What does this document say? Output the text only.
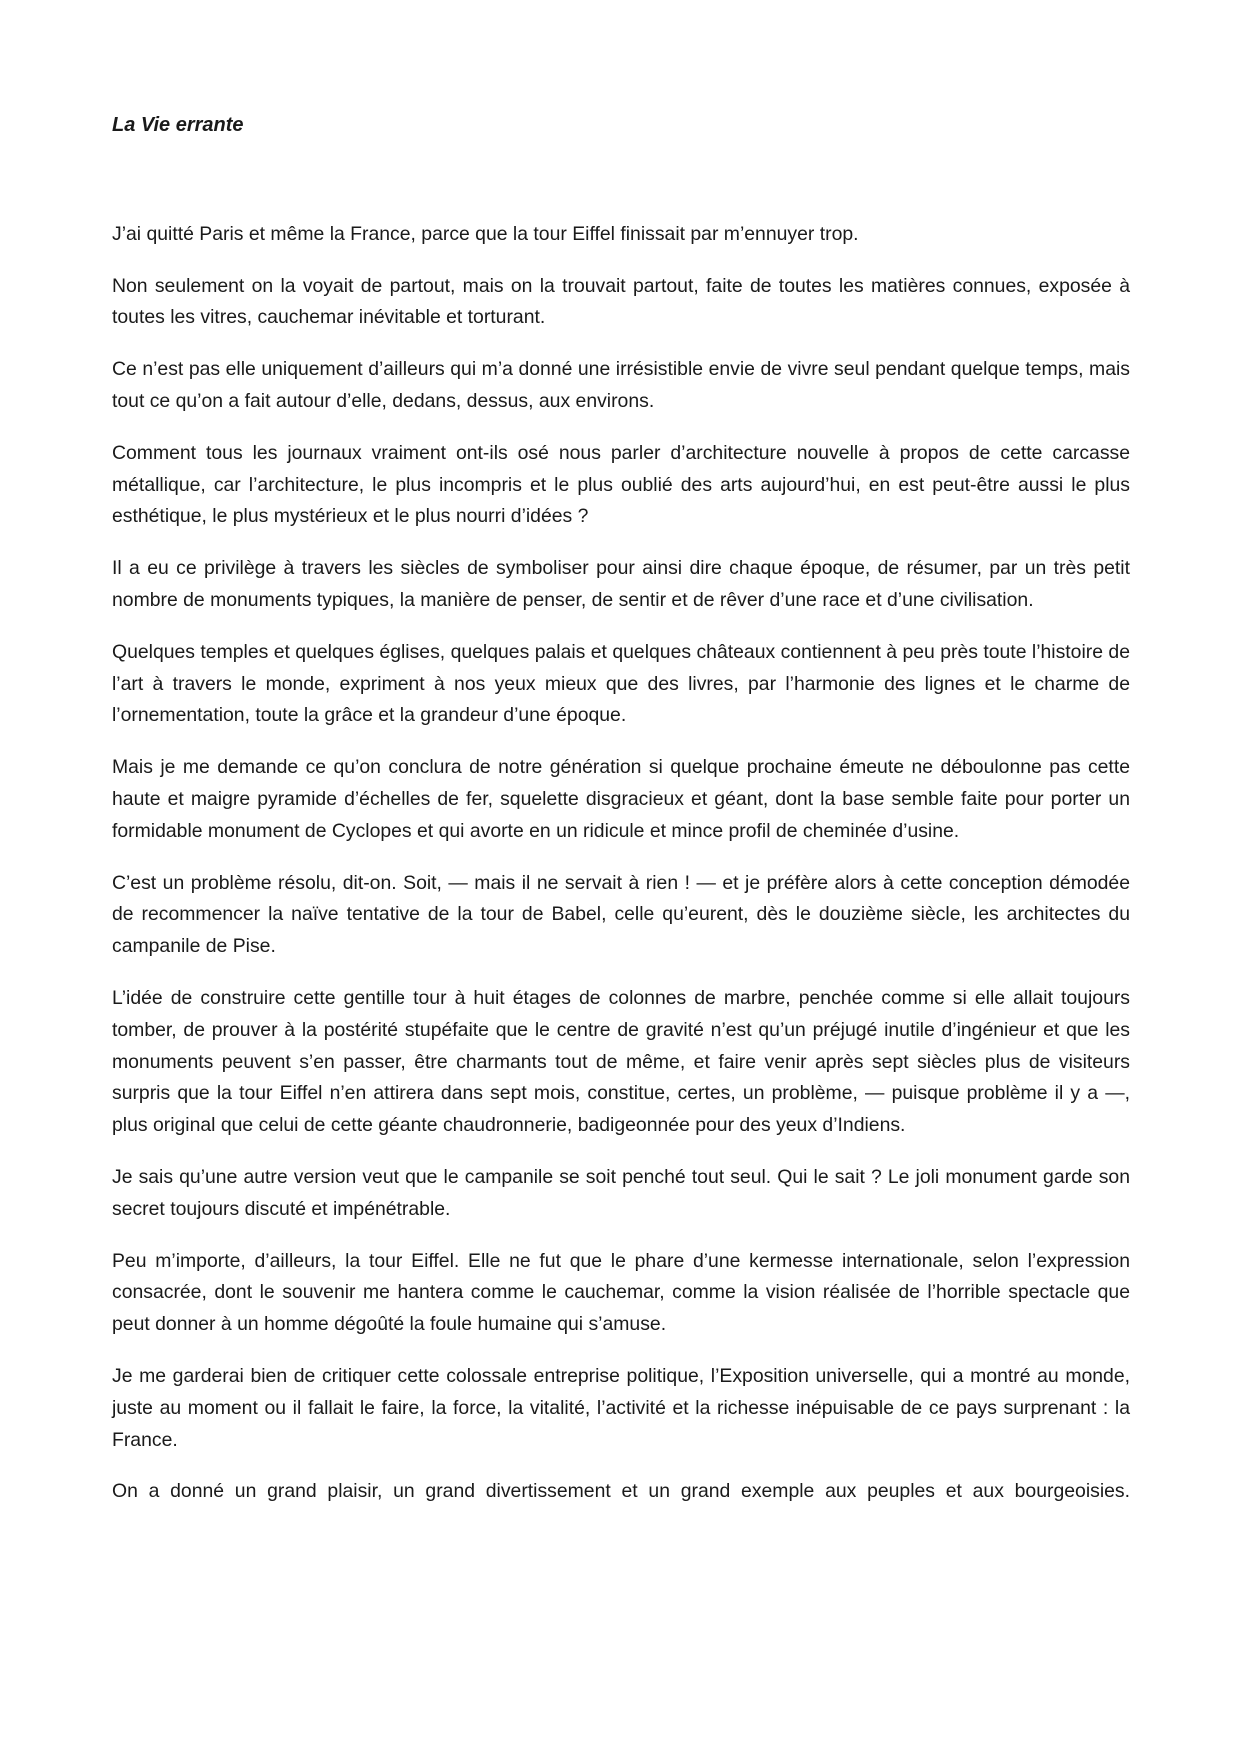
La Vie errante

J’ai quitté Paris et même la France, parce que la tour Eiffel finissait par m’ennuyer trop.

Non seulement on la voyait de partout, mais on la trouvait partout, faite de toutes les matières connues, exposée à toutes les vitres, cauchemar inévitable et torturant.

Ce n’est pas elle uniquement d’ailleurs qui m’a donné une irrésistible envie de vivre seul pendant quelque temps, mais tout ce qu’on a fait autour d’elle, dedans, dessus, aux environs.

Comment tous les journaux vraiment ont-ils osé nous parler d’architecture nouvelle à propos de cette carcasse métallique, car l’architecture, le plus incompris et le plus oublié des arts aujourd’hui, en est peut-être aussi le plus esthétique, le plus mystérieux et le plus nourri d’idées ?

Il a eu ce privilège à travers les siècles de symboliser pour ainsi dire chaque époque, de résumer, par un très petit nombre de monuments typiques, la manière de penser, de sentir et de rêver d’une race et d’une civilisation.

Quelques temples et quelques églises, quelques palais et quelques châteaux contiennent à peu près toute l’histoire de l’art à travers le monde, expriment à nos yeux mieux que des livres, par l’harmonie des lignes et le charme de l’ornementation, toute la grâce et la grandeur d’une époque.

Mais je me demande ce qu’on conclura de notre génération si quelque prochaine émeute ne déboulonne pas cette haute et maigre pyramide d’échelles de fer, squelette disgracieux et géant, dont la base semble faite pour porter un formidable monument de Cyclopes et qui avorte en un ridicule et mince profil de cheminée d’usine.

C’est un problème résolu, dit-on. Soit, — mais il ne servait à rien ! — et je préfère alors à cette conception démodée de recommencer la naïve tentative de la tour de Babel, celle qu’eurent, dès le douzième siècle, les architectes du campanile de Pise.

L’idée de construire cette gentille tour à huit étages de colonnes de marbre, penchée comme si elle allait toujours tomber, de prouver à la postérité stupéfaite que le centre de gravité n’est qu’un préjugé inutile d’ingénieur et que les monuments peuvent s’en passer, être charmants tout de même, et faire venir après sept siècles plus de visiteurs surpris que la tour Eiffel n’en attirera dans sept mois, constitue, certes, un problème, — puisque problème il y a —, plus original que celui de cette géante chaudronnerie, badigeonnée pour des yeux d’Indiens.

Je sais qu’une autre version veut que le campanile se soit penché tout seul. Qui le sait ? Le joli monument garde son secret toujours discuté et impénétrable.

Peu m’importe, d’ailleurs, la tour Eiffel. Elle ne fut que le phare d’une kermesse internationale, selon l’expression consacrée, dont le souvenir me hantera comme le cauchemar, comme la vision réalisée de l’horrible spectacle que peut donner à un homme dégoûté la foule humaine qui s’amuse.

Je me garderai bien de critiquer cette colossale entreprise politique, l’Exposition universelle, qui a montré au monde, juste au moment ou il fallait le faire, la force, la vitalité, l’activité et la richesse inépuisable de ce pays surprenant : la France.

On a donné un grand plaisir, un grand divertissement et un grand exemple aux peuples et aux bourgeoisies.
